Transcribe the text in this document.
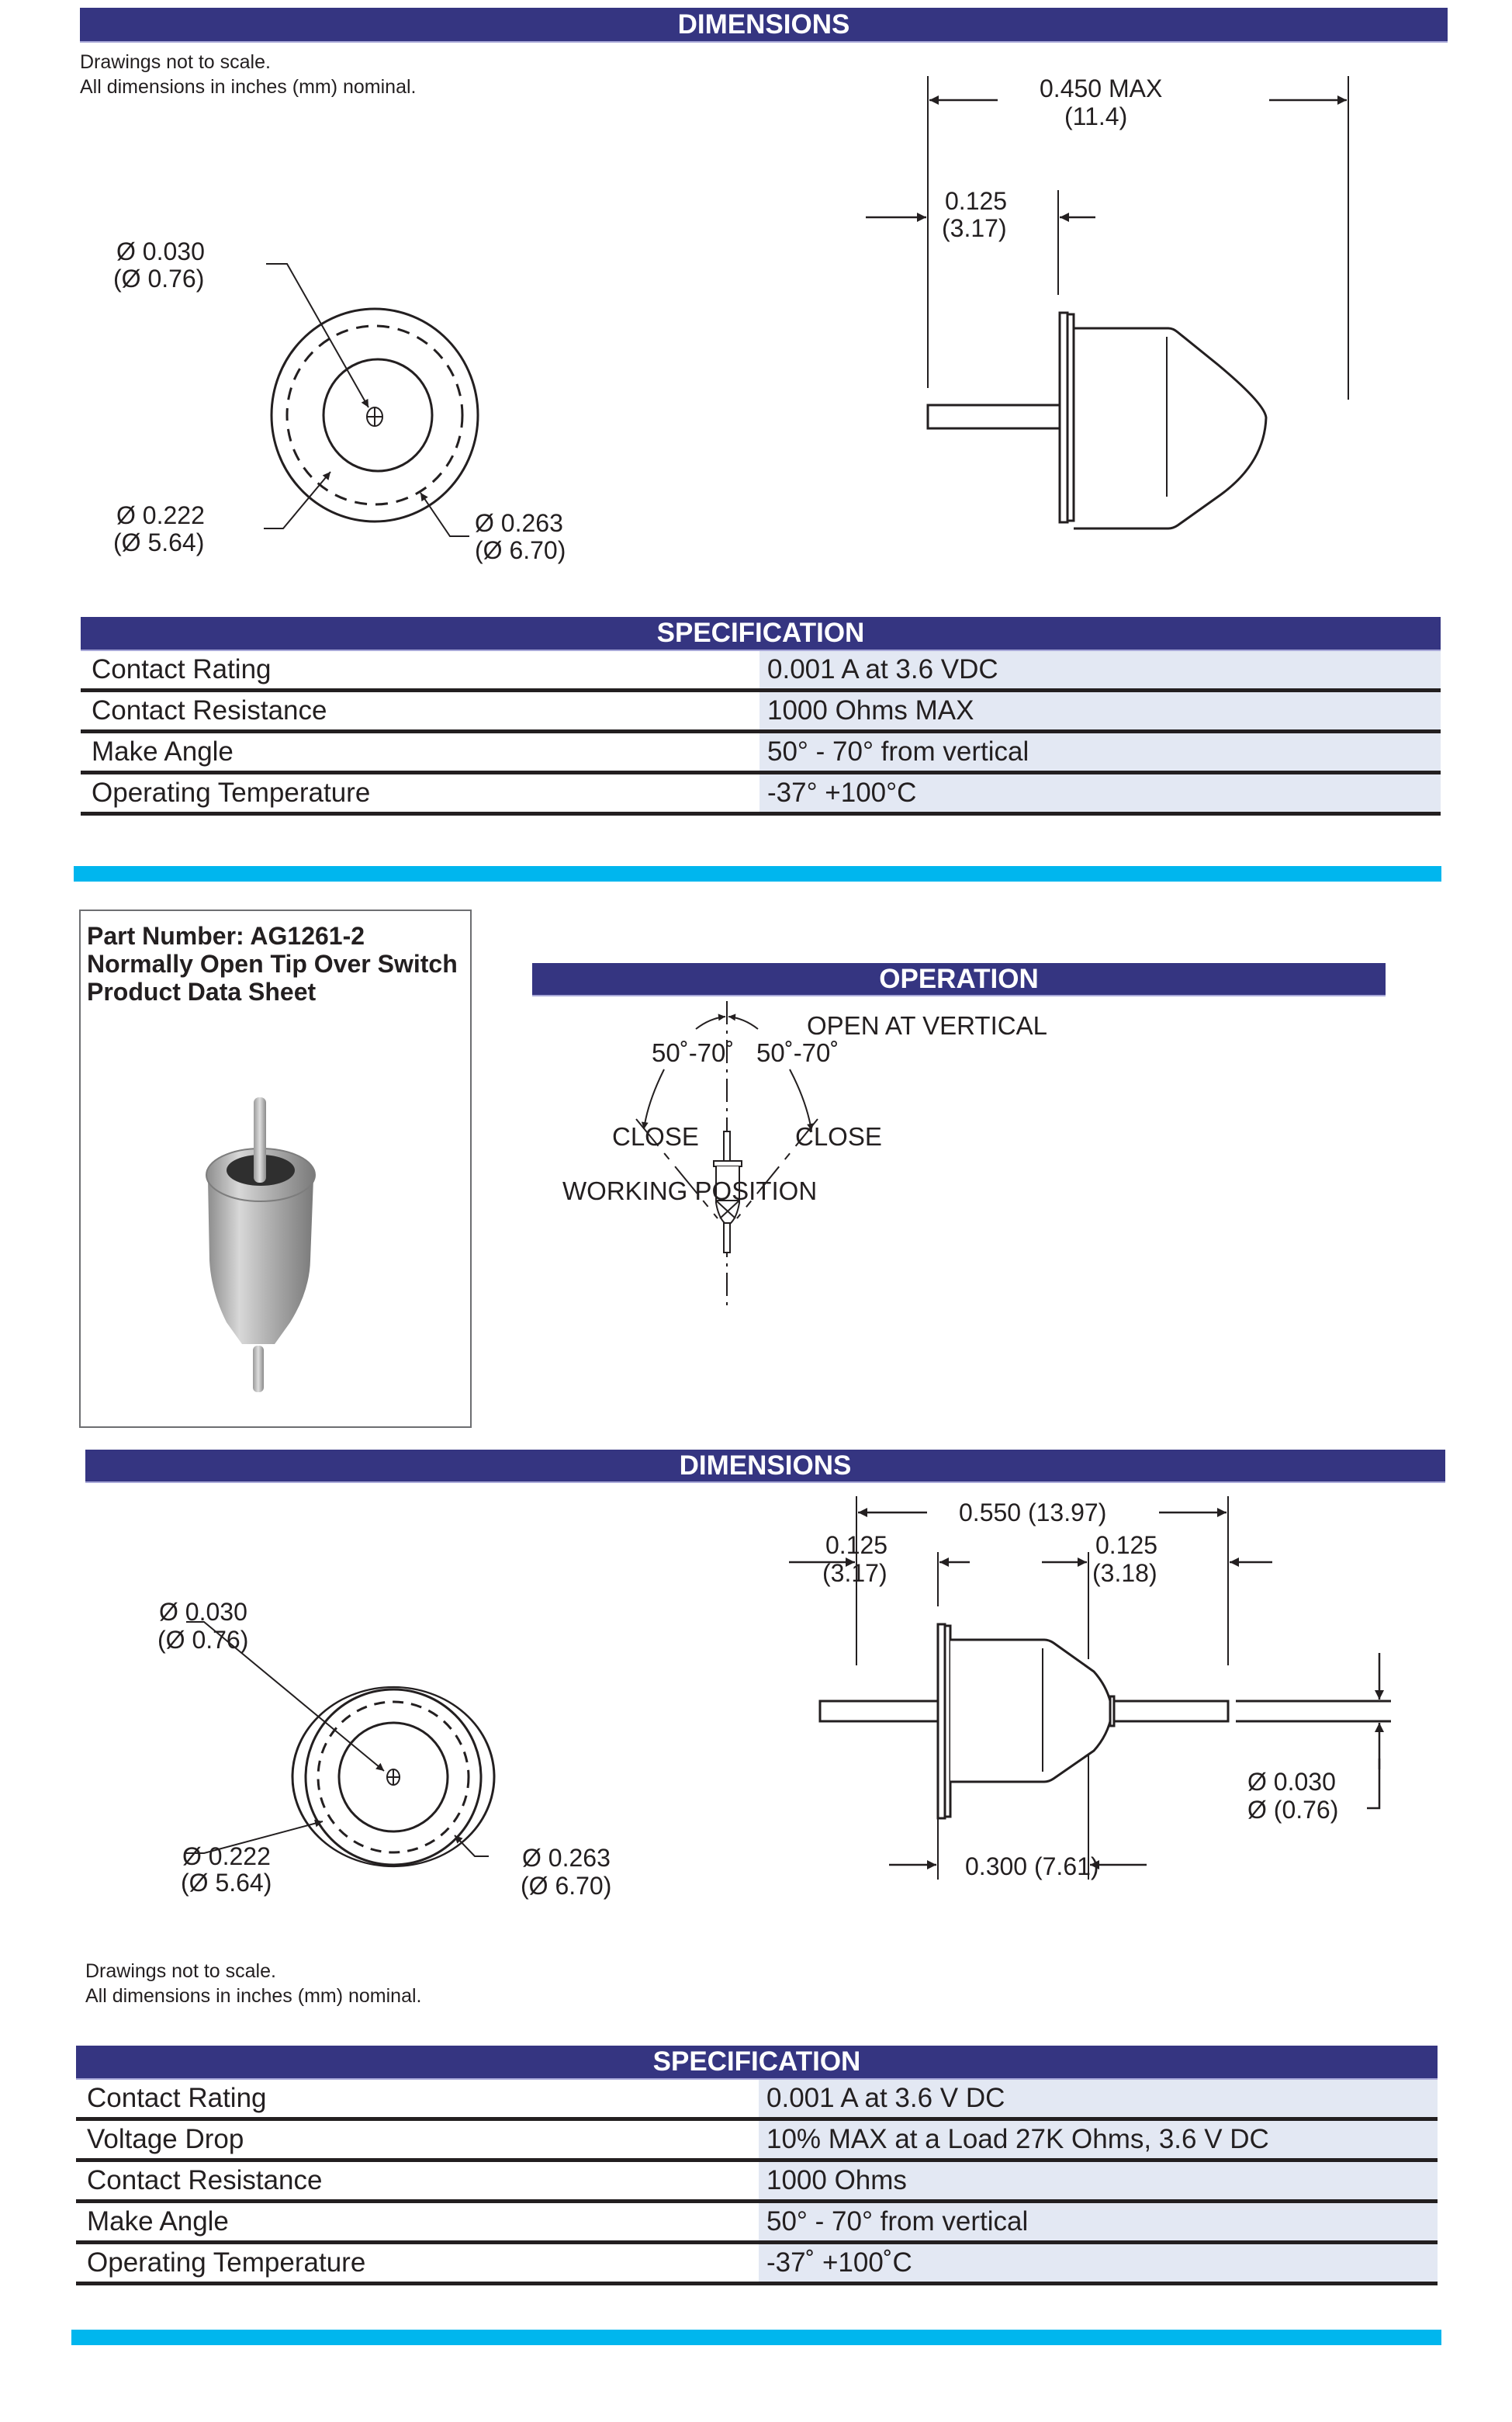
DIMENSIONS
Drawings not to scale.
All dimensions in inches (mm) nominal.
Ø 0.030
(Ø 0.76)
Ø 0.222
(Ø 5.64)
Ø 0.263
(Ø 6.70)
0.450 MAX
(11.4)
0.125
(3.17)
SPECIFICATION
Contact Rating	0.001 A at 3.6 VDC
Contact Resistance	1000 Ohms MAX
Make Angle	50° - 70° from vertical
Operating Temperature	-37° +100°C
Part Number: AG1261-2
Normally Open Tip Over Switch
Product Data Sheet	OPERATION
OPEN AT VERTICAL
50˚-70˚ 50˚-70˚
CLOSE	CLOSE
WORKING POSITION
DIMENSIONS
Ø 0.030
(Ø 0.76)
Ø 0.222
(Ø 5.64)
Ø 0.263
(Ø 6.70)
Drawings not to scale.
All dimensions in inches (mm) nominal.
0.550 (13.97)
0.125
(3.17)
0.125
(3.18)
0.300 (7.61)
Ø 0.030
Ø (0.76)
SPECIFICATION
Contact Rating	0.001 A at 3.6 V DC
Voltage Drop	10% MAX at a Load 27K Ohms, 3.6 V DC
Contact Resistance	1000 Ohms
Make Angle	50° - 70° from vertical
Operating Temperature	-37˚ +100˚C
